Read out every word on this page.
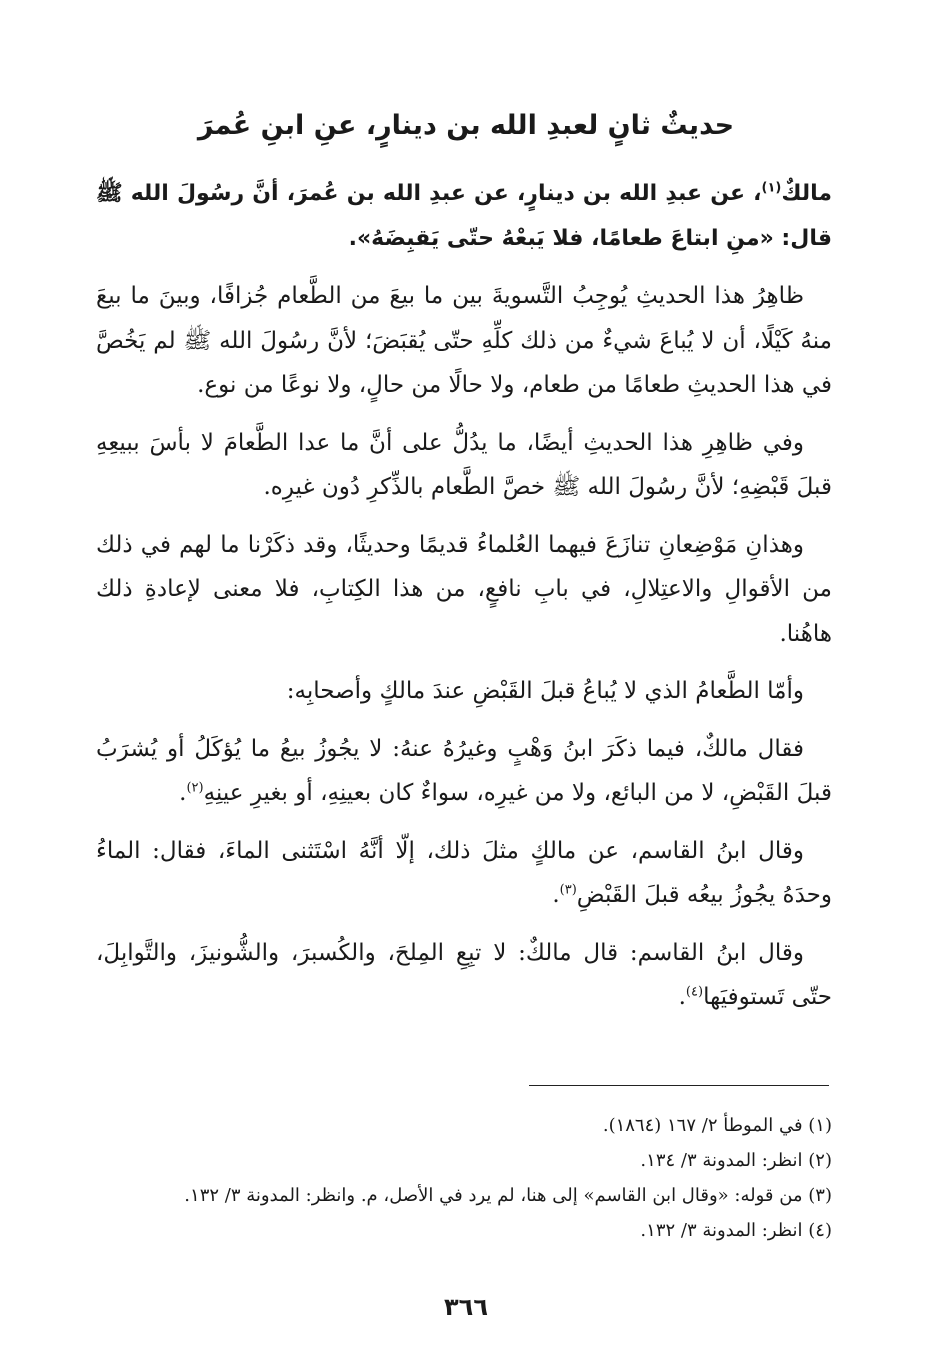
حديثٌ ثانٍ لعبدِ الله بن دينارٍ، عنِ ابنِ عُمرَ

مالكٌ$^{(١)}$، عن عبدِ الله بن دينارٍ، عن عبدِ الله بن عُمرَ، أنَّ رسُولَ الله ﷺ قال: «منِ ابتاعَ طعامًا، فلا يَبعْهُ حتّى يَقبِضَهُ».

ظاهِرُ هذا الحديثِ يُوجِبُ التَّسويةَ بين ما بيعَ من الطَّعام جُزافًا، وبينَ ما بيعَ منهُ كَيْلًا، أن لا يُباعَ شيءٌ من ذلك كلِّهِ حتّى يُقبَضَ؛ لأنَّ رسُولَ الله ﷺ لم يَخُصَّ في هذا الحديثِ طعامًا من طعام، ولا حالًا من حالٍ، ولا نوعًا من نوع.

وفي ظاهِرِ هذا الحديثِ أيضًا، ما يدُلُّ على أنَّ ما عدا الطَّعامَ لا بأسَ ببيعِهِ قبلَ قَبْضِهِ؛ لأنَّ رسُولَ الله ﷺ خصَّ الطَّعام بالذِّكرِ دُون غيرِه.

وهذانِ مَوْضِعانِ تنازَعَ فيهما العُلماءُ قديمًا وحديثًا، وقد ذكَرْنا ما لهم في ذلك من الأقوالِ والاعتِلالِ، في بابِ نافعٍ، من هذا الكِتابِ، فلا معنى لإعادةِ ذلك هاهُنا.

وأمّا الطَّعامُ الذي لا يُباعُ قبلَ القَبْضِ عندَ مالكٍ وأصحابِه:

فقال مالكٌ، فيما ذكَرَ ابنُ وَهْبٍ وغيرُهُ عنهُ: لا يجُوزُ بيعُ ما يُؤكَلُ أو يُشرَبُ قبلَ القَبْضِ، لا من البائع، ولا من غيرِه، سواءٌ كان بعينِهِ، أو بغيرِ عينِهِ$^{(٢)}$.

وقال ابنُ القاسم، عن مالكٍ مثلَ ذلك، إلّا أنَّهُ اسْتَثنى الماءَ، فقال: الماءُ وحدَهُ يجُوزُ بيعُه قبلَ القَبْضِ$^{(٣)}$.

وقال ابنُ القاسم: قال مالكٌ: لا تبِعِ المِلحَ، والكُسبرَ، والشُّونيزَ، والتَّوابِلَ، حتّى تَستوفيَها$^{(٤)}$.

(١) في الموطأ ٢/ ١٦٧ (١٨٦٤).

(٢) انظر: المدونة ٣/ ١٣٤.

(٣) من قوله: «وقال ابن القاسم» إلى هنا، لم يرد في الأصل، م. وانظر: المدونة ٣/ ١٣٢.

(٤) انظر: المدونة ٣/ ١٣٢.

٣٦٦
